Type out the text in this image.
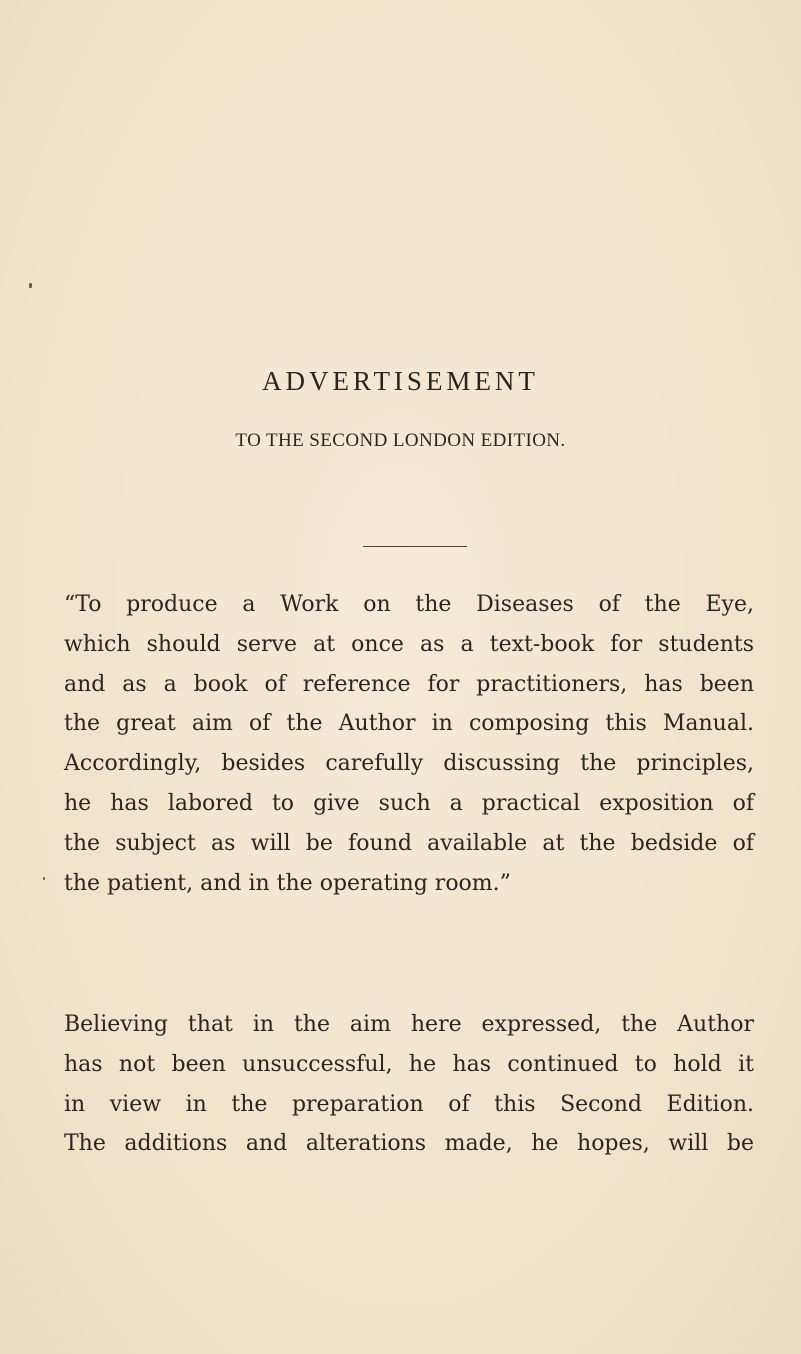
ADVERTISEMENT
TO THE SECOND LONDON EDITION.

“To produce a Work on the Diseases of the Eye,
which should serve at once as a text-book for students
and as a book of reference for practitioners, has been
the great aim of the Author in composing this Manual.
Accordingly, besides carefully discussing the principles,
he has labored to give such a practical exposition of
the subject as will be found available at the bedside of
the patient, and in the operating room.”

Believing that in the aim here expressed, the Author
has not been unsuccessful, he has continued to hold it
in view in the preparation of this Second Edition.
The additions and alterations made, he hopes, will be
